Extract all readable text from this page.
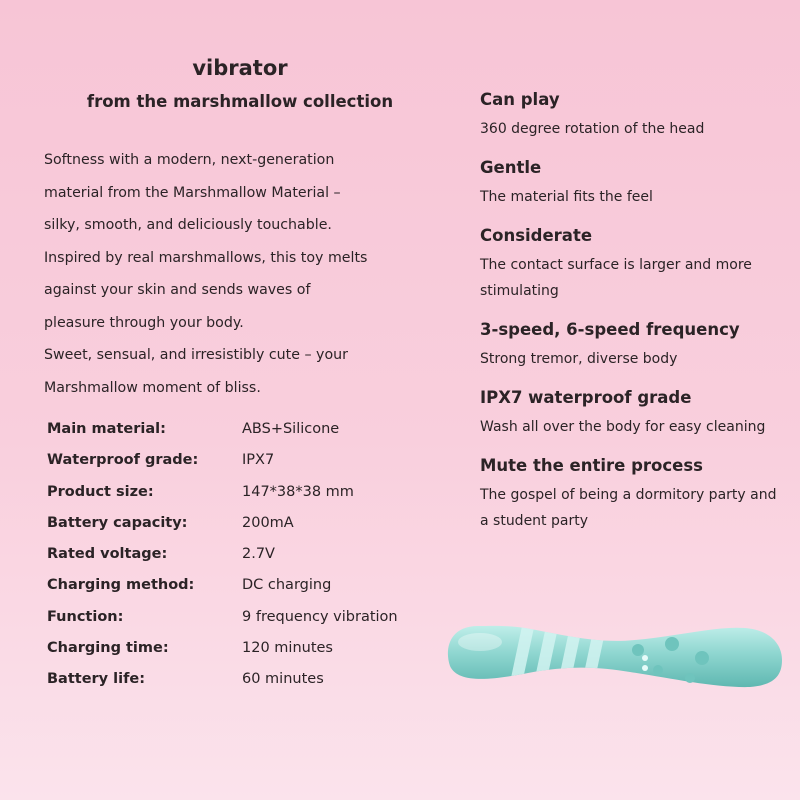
vibrator
from the marshmallow collection

Softness with a modern, next-generation

material from the Marshmallow Material –

silky, smooth, and deliciously touchable.

Inspired by real marshmallows, this toy melts

against your skin and sends waves of

pleasure through your body.

Sweet, sensual, and irresistibly cute – your

Marshmallow moment of bliss.

Main material:	ABS+Silicone
Waterproof grade:	IPX7
Product size:	147*38*38 mm
Battery capacity:	200mA
Rated voltage:	2.7V
Charging method:	DC charging
Function:	9 frequency vibration
Charging time:	120 minutes
Battery life:	60 minutes
Can play

360 degree rotation of the head

Gentle

The material fits the feel

Considerate

The contact surface is larger and more stimulating

3-speed, 6-speed frequency

Strong tremor, diverse body

IPX7 waterproof grade

Wash all over the body for easy cleaning

Mute the entire process

The gospel of being a dormitory party and a student party
